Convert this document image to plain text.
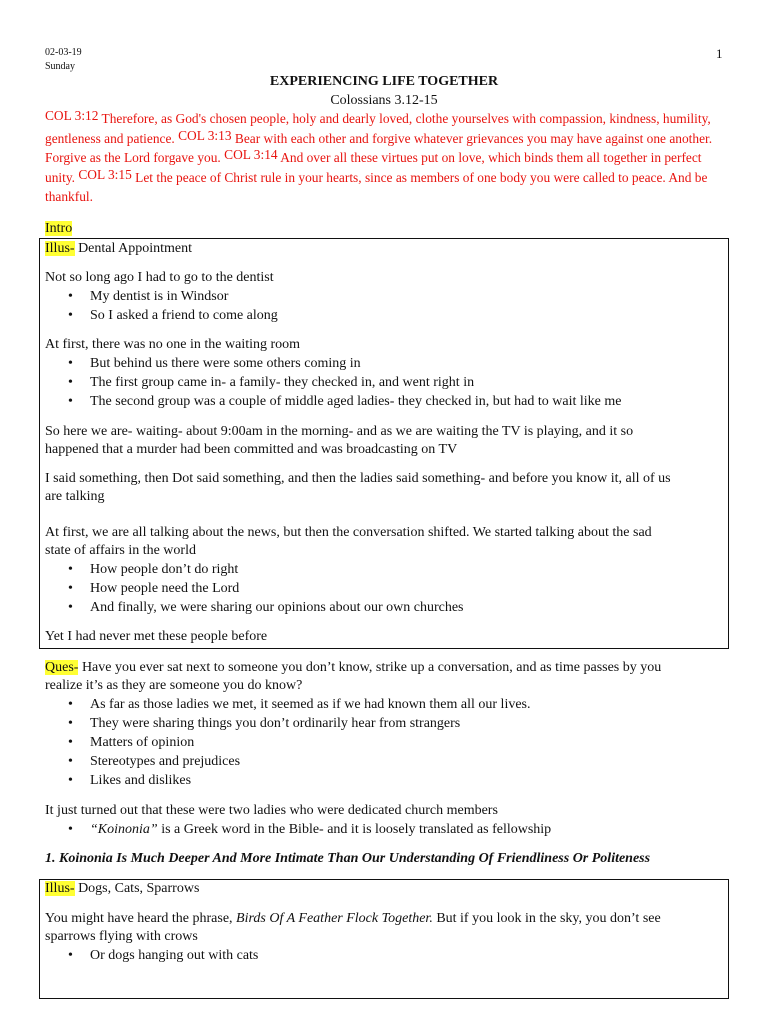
02-03-19
Sunday
1
EXPERIENCING LIFE TOGETHER
Colossians 3.12-15
COL 3:12 Therefore, as God's chosen people, holy and dearly loved, clothe yourselves with compassion, kindness, humility, gentleness and patience. COL 3:13 Bear with each other and forgive whatever grievances you may have against one another. Forgive as the Lord forgave you. COL 3:14 And over all these virtues put on love, which binds them all together in perfect unity. COL 3:15 Let the peace of Christ rule in your hearts, since as members of one body you were called to peace. And be thankful.
Intro
Illus- Dental Appointment
Not so long ago I had to go to the dentist
• My dentist is in Windsor
• So I asked a friend to come along
At first, there was no one in the waiting room
• But behind us there were some others coming in
• The first group came in- a family- they checked in, and went right in
• The second group was a couple of middle aged ladies- they checked in, but had to wait like me
So here we are- waiting- about 9:00am in the morning- and as we are waiting the TV is playing, and it so
happened that a murder had been committed and was broadcasting on TV
I said something, then Dot said something, and then the ladies said something- and before you know it, all of us
are talking
At first, we are all talking about the news, but then the conversation shifted. We started talking about the sad
state of affairs in the world
• How people don’t do right
• How people need the Lord
• And finally, we were sharing our opinions about our own churches
Yet I had never met these people before
Ques- Have you ever sat next to someone you don’t know, strike up a conversation, and as time passes by you
realize it’s as they are someone you do know?
• As far as those ladies we met, it seemed as if we had known them all our lives.
• They were sharing things you don’t ordinarily hear from strangers
• Matters of opinion
• Stereotypes and prejudices
• Likes and dislikes
It just turned out that these were two ladies who were dedicated church members
• “Koinonia” is a Greek word in the Bible- and it is loosely translated as fellowship
1. Koinonia Is Much Deeper And More Intimate Than Our Understanding Of Friendliness Or Politeness
Illus- Dogs, Cats, Sparrows
You might have heard the phrase, Birds Of A Feather Flock Together. But if you look in the sky, you don’t see
sparrows flying with crows
• Or dogs hanging out with cats
